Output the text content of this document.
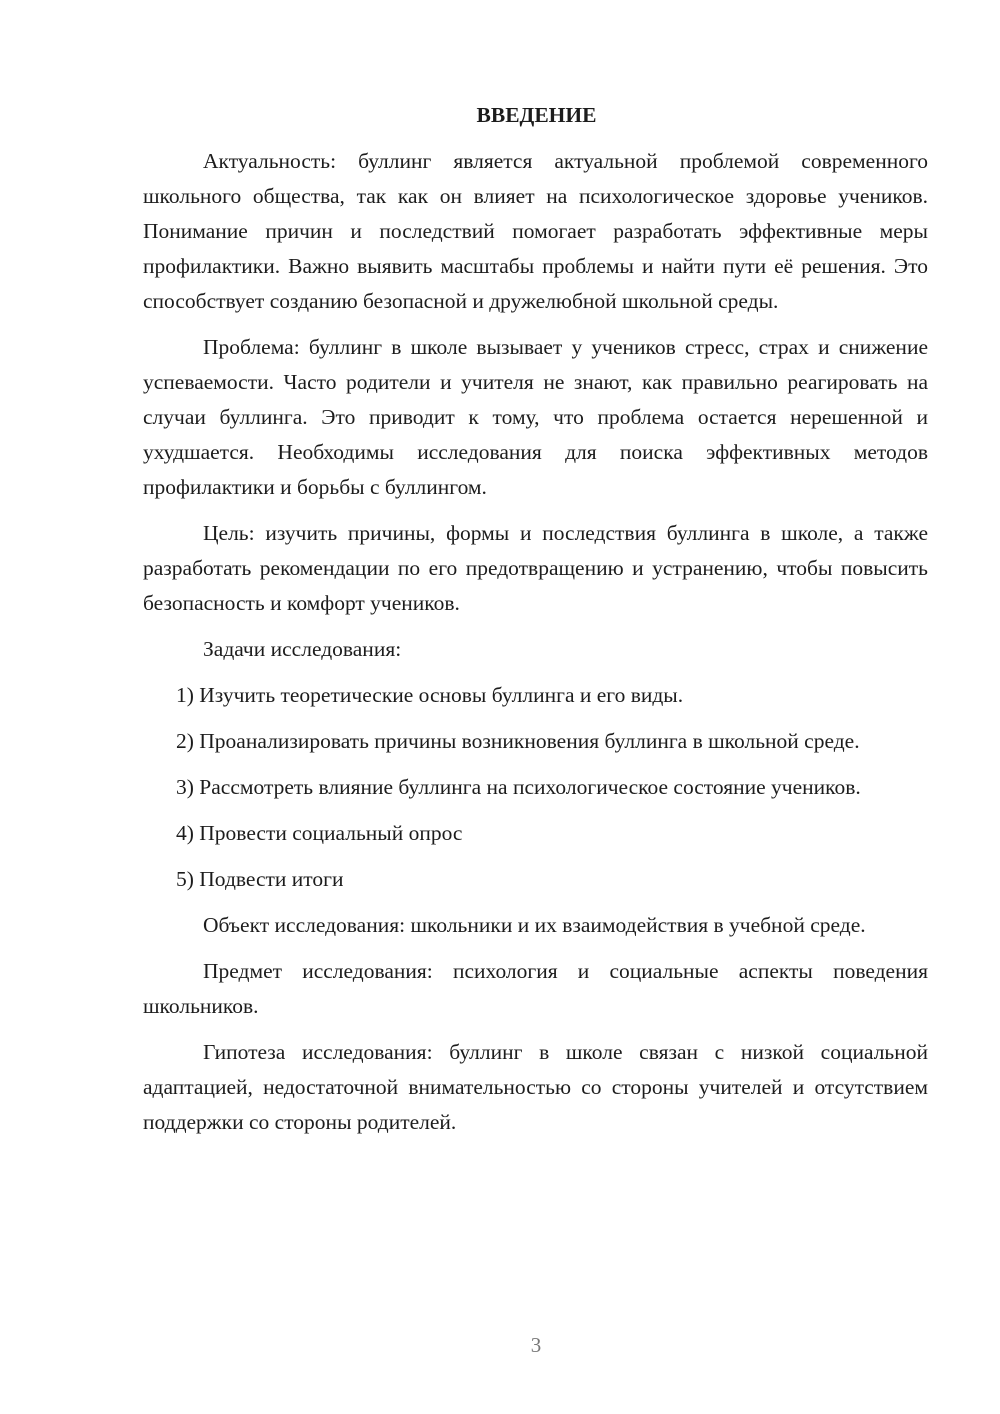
ВВЕДЕНИЕ

Актуальность: буллинг является актуальной проблемой современного школьного общества, так как он влияет на психологическое здоровье учеников. Понимание причин и последствий помогает разработать эффективные меры профилактики. Важно выявить масштабы проблемы и найти пути её решения. Это способствует созданию безопасной и дружелюбной школьной среды.

Проблема: буллинг в школе вызывает у учеников стресс, страх и снижение успеваемости. Часто родители и учителя не знают, как правильно реагировать на случаи буллинга. Это приводит к тому, что проблема остается нерешенной и ухудшается. Необходимы исследования для поиска эффективных методов профилактики и борьбы с буллингом.

Цель: изучить причины, формы и последствия буллинга в школе, а также разработать рекомендации по его предотвращению и устранению, чтобы повысить безопасность и комфорт учеников.

Задачи исследования:

1) Изучить теоретические основы буллинга и его виды.

2) Проанализировать причины возникновения буллинга в школьной среде.

3) Рассмотреть влияние буллинга на психологическое состояние учеников.

4) Провести социальный опрос

5) Подвести итоги

Объект исследования: школьники и их взаимодействия в учебной среде.

Предмет исследования: психология и социальные аспекты поведения школьников.

Гипотеза исследования: буллинг в школе связан с низкой социальной адаптацией, недостаточной внимательностью со стороны учителей и отсутствием поддержки со стороны родителей.

3
